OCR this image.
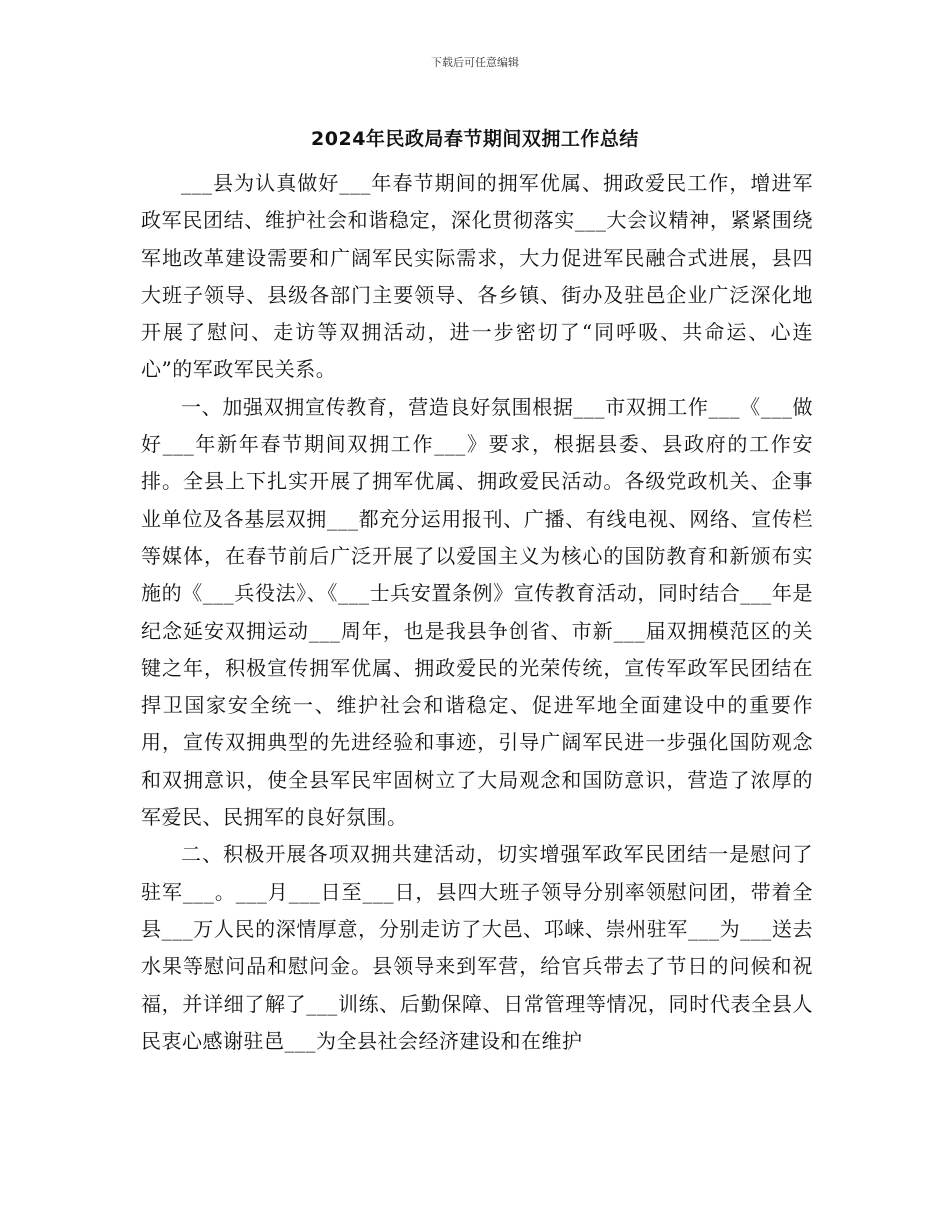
下载后可任意编辑
2024年民政局春节期间双拥工作总结

___县为认真做好___年春节期间的拥军优属、拥政爱民工作，增进军政军民团结、维护社会和谐稳定，深化贯彻落实___大会议精神，紧紧围绕军地改革建设需要和广阔军民实际需求，大力促进军民融合式进展，县四大班子领导、县级各部门主要领导、各乡镇、街办及驻邑企业广泛深化地开展了慰问、走访等双拥活动，进一步密切了“同呼吸、共命运、心连心”的军政军民关系。

一、加强双拥宣传教育，营造良好氛围根据___市双拥工作___《___做好___年新年春节期间双拥工作___》要求，根据县委、县政府的工作安排。全县上下扎实开展了拥军优属、拥政爱民活动。各级党政机关、企事业单位及各基层双拥___都充分运用报刊、广播、有线电视、网络、宣传栏等媒体，在春节前后广泛开展了以爱国主义为核心的国防教育和新颁布实施的《___兵役法》、《___士兵安置条例》宣传教育活动，同时结合___年是纪念延安双拥运动___周年，也是我县争创省、市新___届双拥模范区的关键之年，积极宣传拥军优属、拥政爱民的光荣传统，宣传军政军民团结在捍卫国家安全统一、维护社会和谐稳定、促进军地全面建设中的重要作用，宣传双拥典型的先进经验和事迹，引导广阔军民进一步强化国防观念和双拥意识，使全县军民牢固树立了大局观念和国防意识，营造了浓厚的军爱民、民拥军的良好氛围。

二、积极开展各项双拥共建活动，切实增强军政军民团结一是慰问了驻军___。___月___日至___日，县四大班子领导分别率领慰问团，带着全县___万人民的深情厚意，分别走访了大邑、邛崃、崇州驻军___为___送去水果等慰问品和慰问金。县领导来到军营，给官兵带去了节日的问候和祝福，并详细了解了___训练、后勤保障、日常管理等情况，同时代表全县人民衷心感谢驻邑___为全县社会经济建设和在维护
